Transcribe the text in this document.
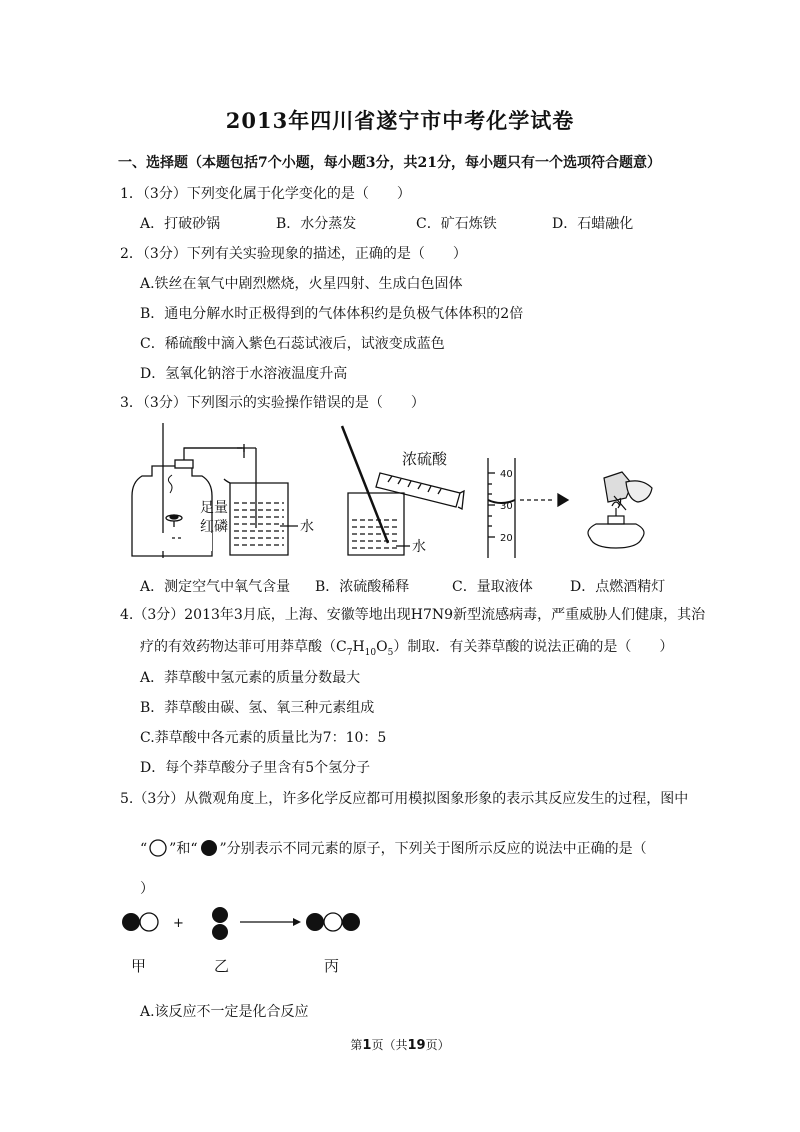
2013年四川省遂宁市中考化学试卷
一、选择题（本题包括7个小题，每小题3分，共21分，每小题只有一个选项符合题意）
1．（3分）下列变化属于化学变化的是（　　）
A．打破砂锅	B．水分蒸发	C．矿石炼铁	D．石蜡融化
2．（3分）下列有关实验现象的描述，正确的是（　　）
A.铁丝在氧气中剧烈燃烧，火星四射、生成白色固体
B．通电分解水时正极得到的气体体积约是负极气体体积的2倍
C．稀硫酸中滴入紫色石蕊试液后，试液变成蓝色
D．氢氧化钠溶于水溶液温度升高
3．（3分）下列图示的实验操作错误的是（　　）
足量
红磷	水
浓硫酸
水
40
30
20
A．测定空气中氧气含量 B．浓硫酸稀释	C．量取液体	D．点燃酒精灯
4.（3分）2013年3月底，上海、安徽等地出现H7N9新型流感病毒，严重威胁人们健康，其治
疗的有效药物达菲可用莽草酸$(C_7H_{10}O_5)$制取．有关莽草酸的说法正确的是（　　）
A．莽草酸中氢元素的质量分数最大
B．莽草酸由碳、氢、氧三种元素组成
C.莽草酸中各元素的质量比为7：10：5
D．每个莽草酸分子里含有5个氢分子
5.（3分）从微观角度上，许多化学反应都可用模拟图象形象的表示其反应发生的过程，图中
“ ”和“ ”分别表示不同元素的原子，下列关于图所示反应的说法中正确的是（
）
+
甲	乙	丙
A.该反应不一定是化合反应
第1页（共19页）
